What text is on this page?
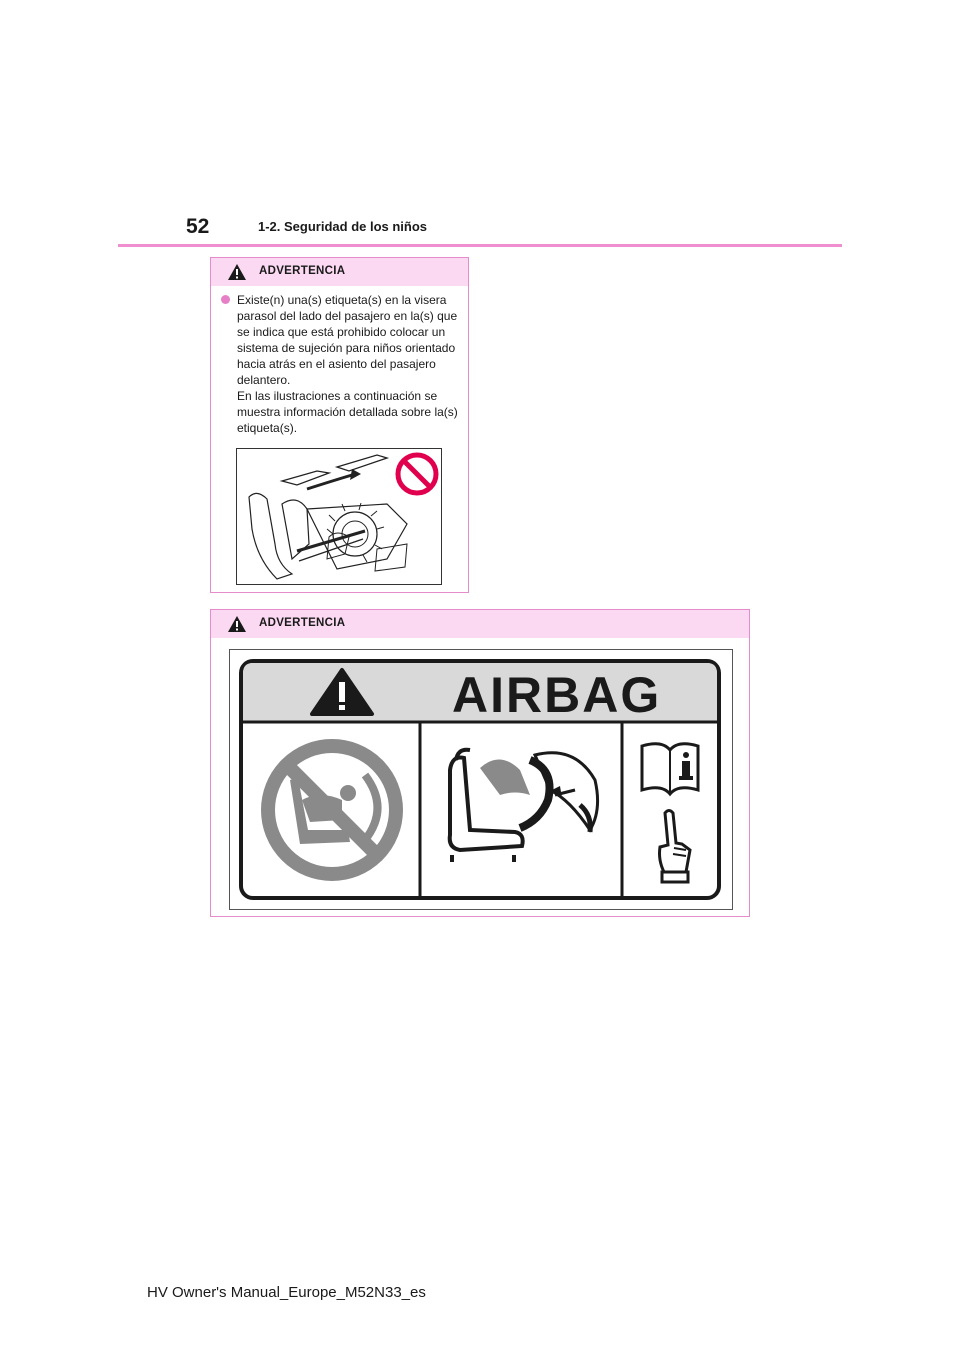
52	1-2. Seguridad de los niños
ADVERTENCIA

Existe(n) una(s) etiqueta(s) en la visera parasol del lado del pasajero en la(s) que se indica que está prohibido colocar un sistema de sujeción para niños orientado hacia atrás en el asiento del pasajero delantero.

En las ilustraciones a continuación se muestra información detallada sobre la(s) etiqueta(s).

ADVERTENCIA
AIRBAG
HV Owner's Manual_Europe_M52N33_es
